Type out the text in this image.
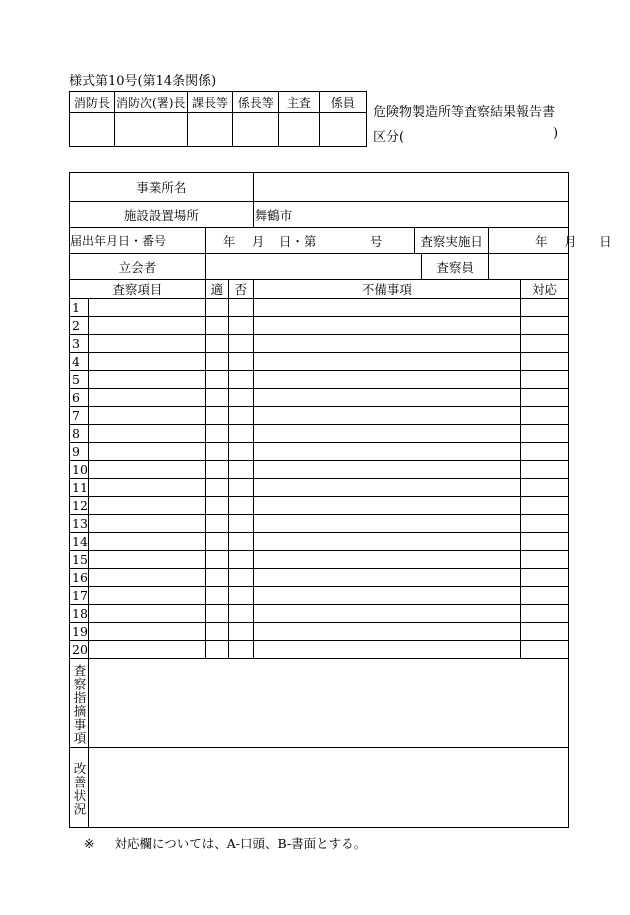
様式第10号(第14条関係)
消防長	消防次(署)長	課長等	係長等	主査	係員

危険物製造所等査察結果報告書
区分(	)
事業所名								
施設設置場所				舞鶴市				
届出年月日・番号		年 月 日・第 号			査察実施日		年 月 日	

立会者						査察員		
査察項目		適	否	不備事項				対応
1								
2								
3								
4								
5								
6								
7								
8								
9								
10								
11								
12								
13								
14								
15								
16								
17								
18								
19								
20								
査察指摘事項								
改善状況								
※ 対応欄については、A-口頭、B-書面とする。
